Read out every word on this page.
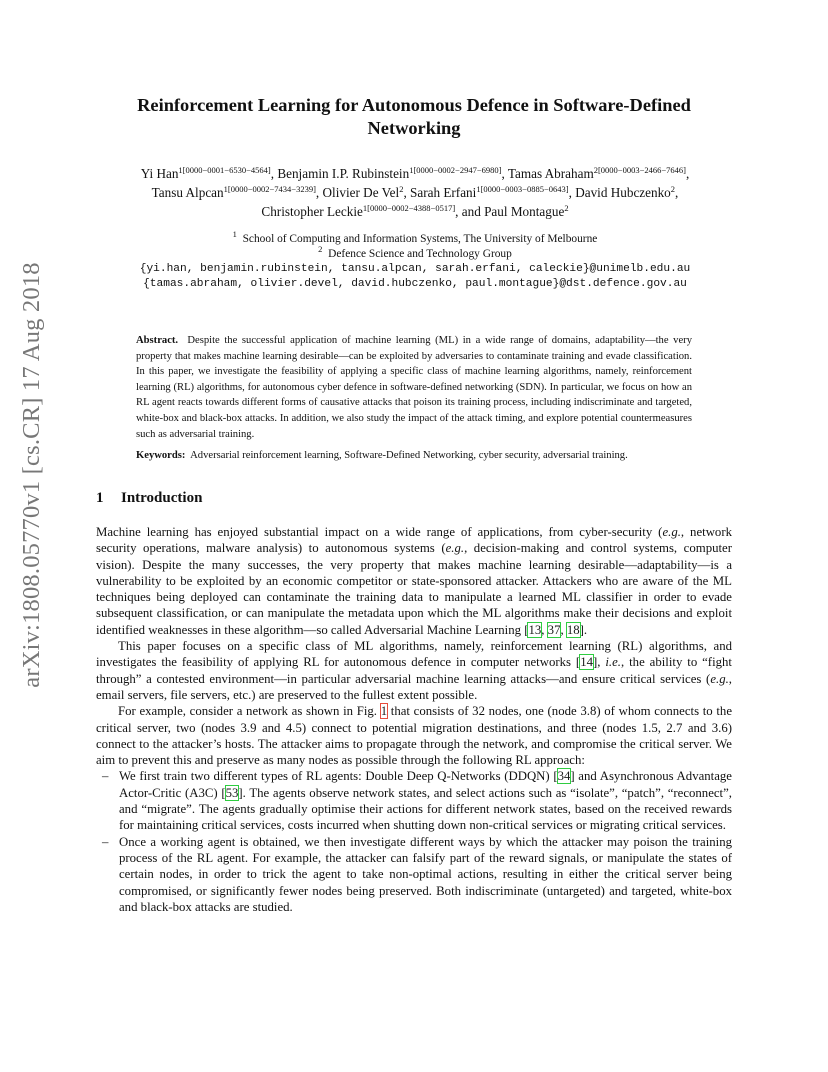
arXiv:1808.05770v1 [cs.CR] 17 Aug 2018
Reinforcement Learning for Autonomous Defence in Software-Defined Networking
Yi Han$^{1[0000-0001-6530-4564]}$, Benjamin I.P. Rubinstein$^{1[0000-0002-2947-6980]}$, Tamas Abraham$^{2[0000-0003-2466-7646]}$,
Tansu Alpcan$^{1[0000-0002-7434-3239]}$, Olivier De Vel$^2$, Sarah Erfani$^{1[0000-0003-0885-0643]}$, David Hubczenko$^2$,
Christopher Leckie$^{1[0000-0002-4388-0517]}$, and Paul Montague$^2$
$^1$ School of Computing and Information Systems, The University of Melbourne
$^2$ Defence Science and Technology Group
{yi.han, benjamin.rubinstein, tansu.alpcan, sarah.erfani, caleckie}@unimelb.edu.au
{tamas.abraham, olivier.devel, david.hubczenko, paul.montague}@dst.defence.gov.au
Abstract. Despite the successful application of machine learning (ML) in a wide range of domains, adaptability—the very property that makes machine learning desirable—can be exploited by adversaries to contaminate training and evade classification. In this paper, we investigate the feasibility of applying a specific class of machine learning algorithms, namely, reinforcement learning (RL) algorithms, for autonomous cyber defence in software-defined networking (SDN). In particular, we focus on how an RL agent reacts towards different forms of causative attacks that poison its training process, including indiscriminate and targeted, white-box and black-box attacks. In addition, we also study the impact of the attack timing, and explore potential countermeasures such as adversarial training.
Keywords: Adversarial reinforcement learning, Software-Defined Networking, cyber security, adversarial training.
1 Introduction

Machine learning has enjoyed substantial impact on a wide range of applications, from cyber-security (e.g., network security operations, malware analysis) to autonomous systems (e.g., decision-making and control systems, computer vision). Despite the many successes, the very property that makes machine learning desirable—adaptability—is a vulnerability to be exploited by an economic competitor or state-sponsored attacker. Attackers who are aware of the ML techniques being deployed can contaminate the training data to manipulate a learned ML classifier in order to evade subsequent classification, or can manipulate the metadata upon which the ML algorithms make their decisions and exploit identified weaknesses in these algorithm—so called Adversarial Machine Learning [13, 37, 18].

This paper focuses on a specific class of ML algorithms, namely, reinforcement learning (RL) algorithms, and investigates the feasibility of applying RL for autonomous defence in computer networks [14], i.e., the ability to “fight through” a contested environment—in particular adversarial machine learning attacks—and ensure critical services (e.g., email servers, file servers, etc.) are preserved to the fullest extent possible.

For example, consider a network as shown in Fig. 1 that consists of 32 nodes, one (node 3.8) of whom connects to the critical server, two (nodes 3.9 and 4.5) connect to potential migration destinations, and three (nodes 1.5, 2.7 and 3.6) connect to the attacker’s hosts. The attacker aims to propagate through the network, and compromise the critical server. We aim to prevent this and preserve as many nodes as possible through the following RL approach:

– We first train two different types of RL agents: Double Deep Q-Networks (DDQN) [34] and Asynchronous Advantage Actor-Critic (A3C) [53]. The agents observe network states, and select actions such as “isolate”, “patch”, “reconnect”, and “migrate”. The agents gradually optimise their actions for different network states, based on the received rewards for maintaining critical services, costs incurred when shutting down non-critical services or migrating critical services.
– Once a working agent is obtained, we then investigate different ways by which the attacker may poison the training process of the RL agent. For example, the attacker can falsify part of the reward signals, or manipulate the states of certain nodes, in order to trick the agent to take non-optimal actions, resulting in either the critical server being compromised, or significantly fewer nodes being preserved. Both indiscriminate (untargeted) and targeted, white-box and black-box attacks are studied.
